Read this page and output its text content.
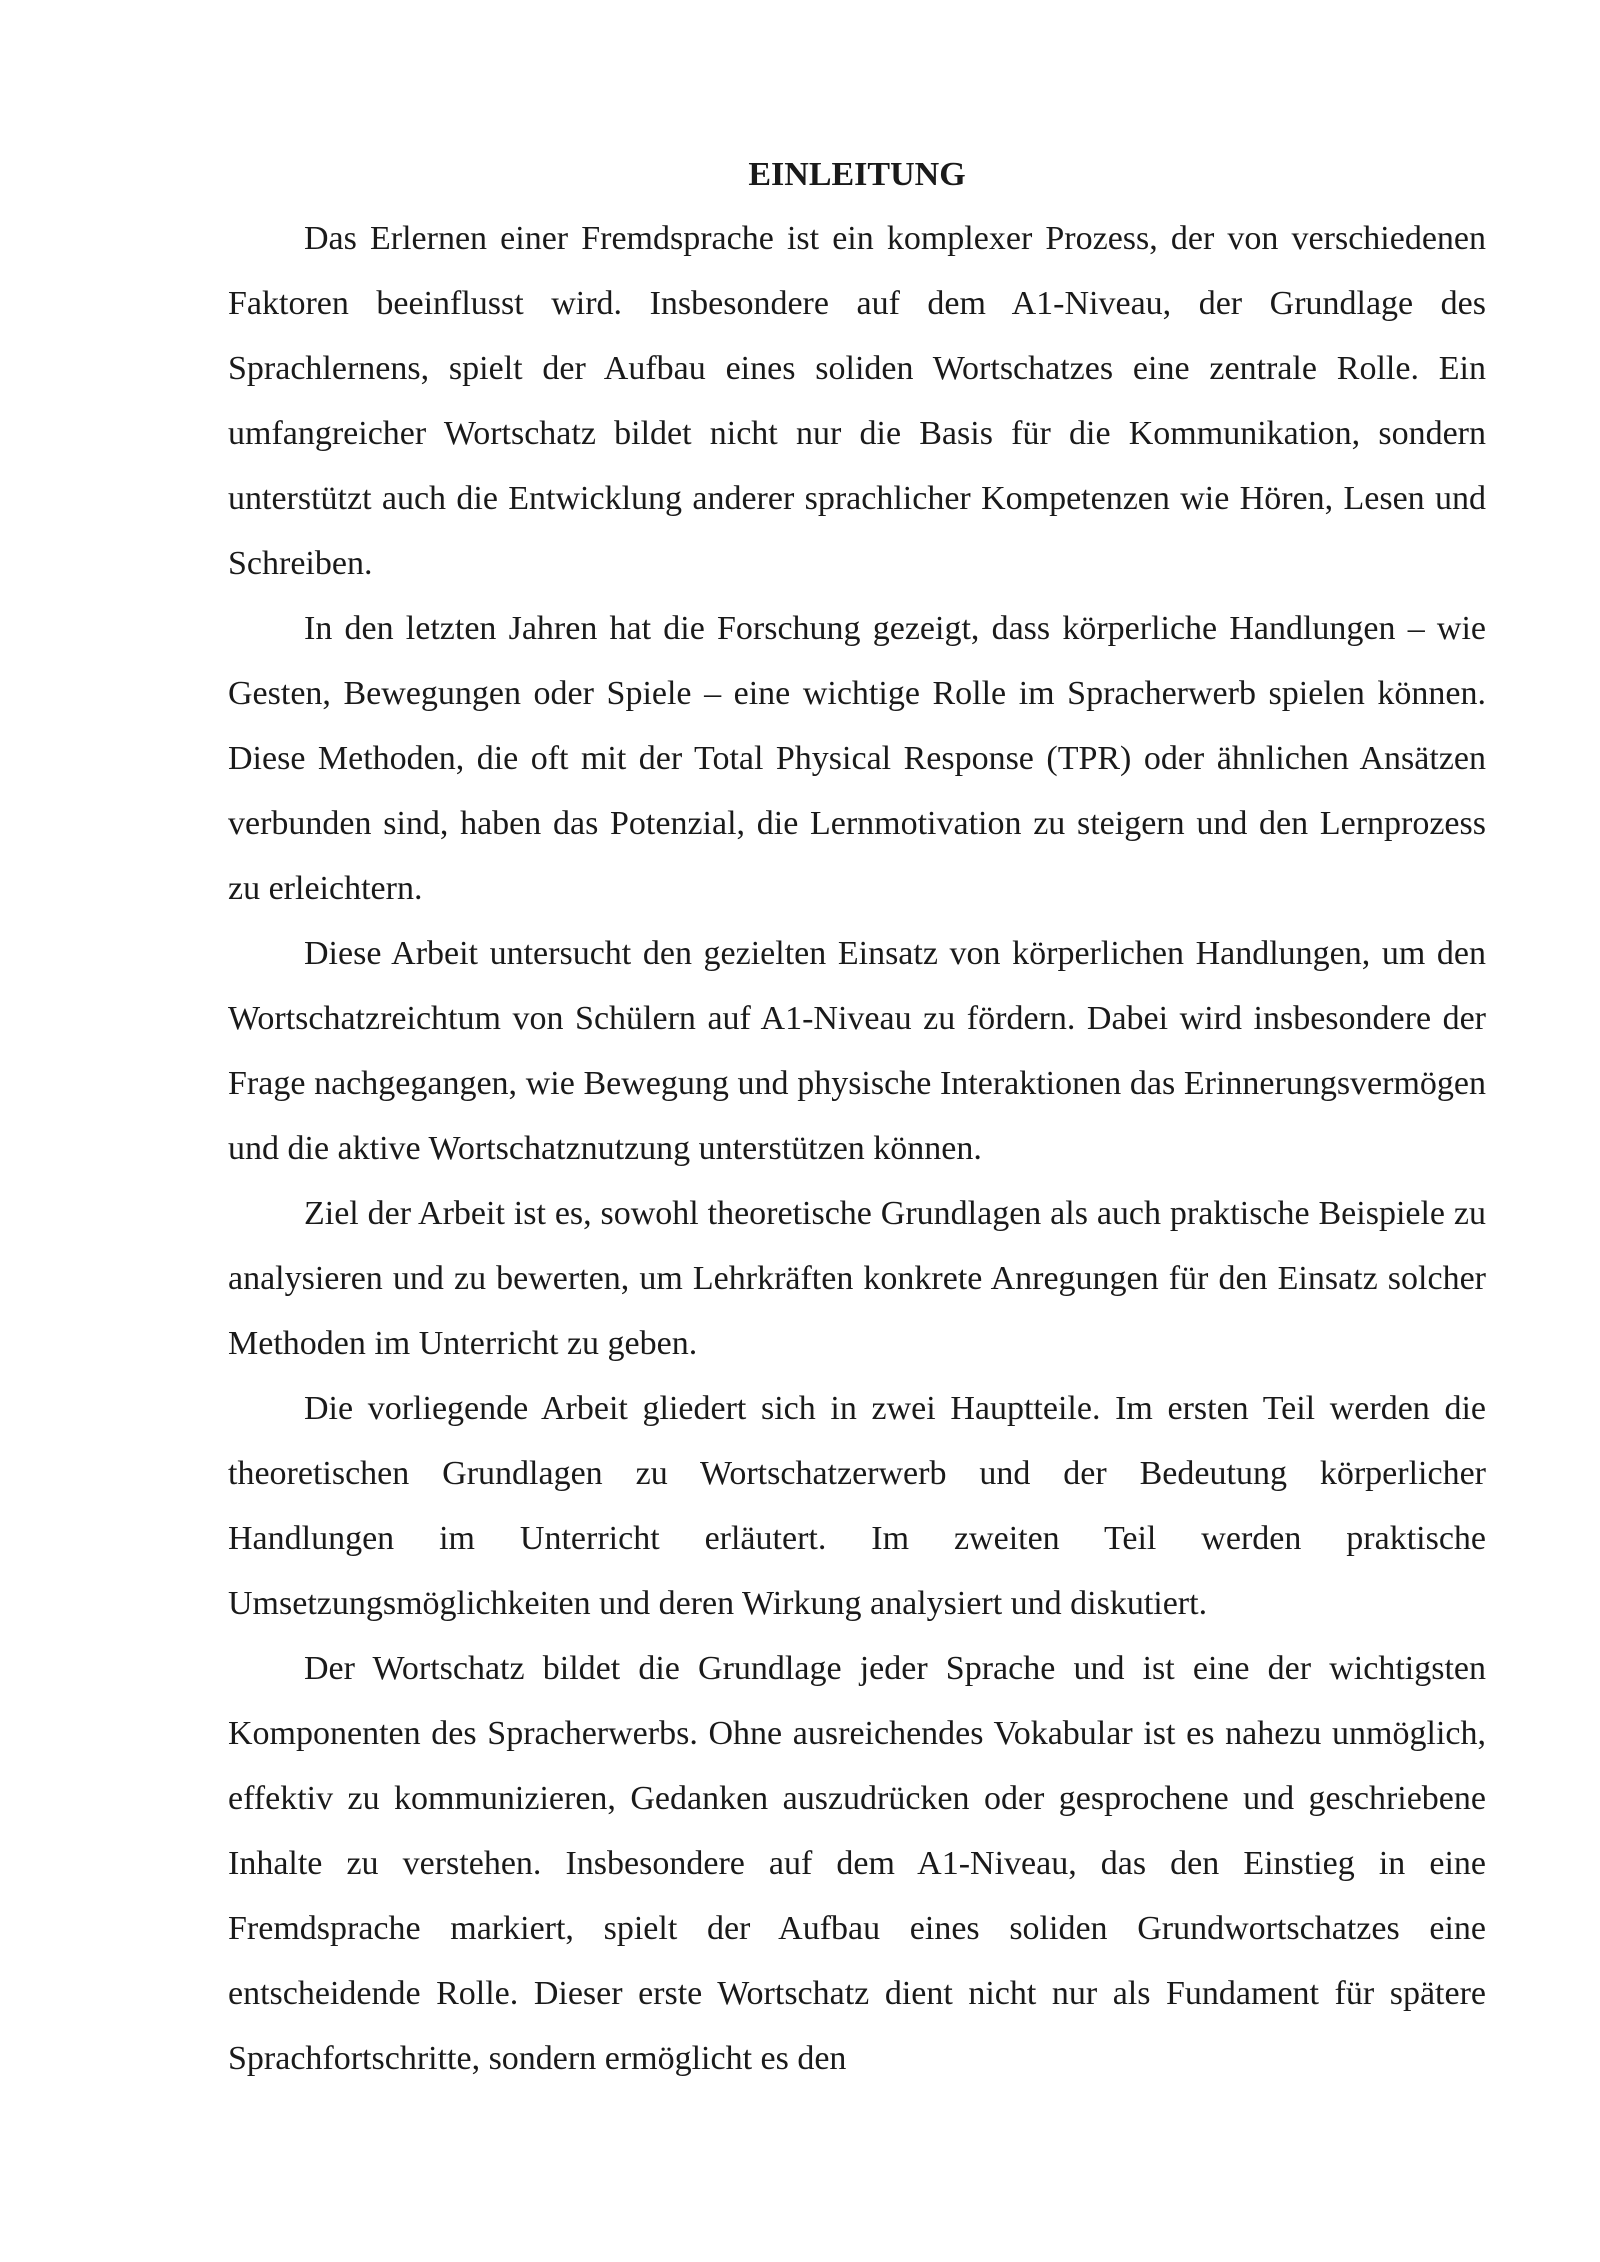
EINLEITUNG

Das Erlernen einer Fremdsprache ist ein komplexer Prozess, der von verschiedenen Faktoren beeinflusst wird. Insbesondere auf dem A1-Niveau, der Grundlage des Sprachlernens, spielt der Aufbau eines soliden Wortschatzes eine zentrale Rolle. Ein umfangreicher Wortschatz bildet nicht nur die Basis für die Kommunikation, sondern unterstützt auch die Entwicklung anderer sprachlicher Kompetenzen wie Hören, Lesen und Schreiben.

In den letzten Jahren hat die Forschung gezeigt, dass körperliche Handlungen – wie Gesten, Bewegungen oder Spiele – eine wichtige Rolle im Spracherwerb spielen können. Diese Methoden, die oft mit der Total Physical Response (TPR) oder ähnlichen Ansätzen verbunden sind, haben das Potenzial, die Lernmotivation zu steigern und den Lernprozess zu erleichtern.

Diese Arbeit untersucht den gezielten Einsatz von körperlichen Handlungen, um den Wortschatzreichtum von Schülern auf A1-Niveau zu fördern. Dabei wird insbesondere der Frage nachgegangen, wie Bewegung und physische Interaktionen das Erinnerungsvermögen und die aktive Wortschatznutzung unterstützen können.

Ziel der Arbeit ist es, sowohl theoretische Grundlagen als auch praktische Beispiele zu analysieren und zu bewerten, um Lehrkräften konkrete Anregungen für den Einsatz solcher Methoden im Unterricht zu geben.

Die vorliegende Arbeit gliedert sich in zwei Hauptteile. Im ersten Teil werden die theoretischen Grundlagen zu Wortschatzerwerb und der Bedeutung körperlicher Handlungen im Unterricht erläutert. Im zweiten Teil werden praktische Umsetzungsmöglichkeiten und deren Wirkung analysiert und diskutiert.

Der Wortschatz bildet die Grundlage jeder Sprache und ist eine der wichtigsten Komponenten des Spracherwerbs. Ohne ausreichendes Vokabular ist es nahezu unmöglich, effektiv zu kommunizieren, Gedanken auszudrücken oder gesprochene und geschriebene Inhalte zu verstehen. Insbesondere auf dem A1-Niveau, das den Einstieg in eine Fremdsprache markiert, spielt der Aufbau eines soliden Grundwortschatzes eine entscheidende Rolle. Dieser erste Wortschatz dient nicht nur als Fundament für spätere Sprachfortschritte, sondern ermöglicht es den
